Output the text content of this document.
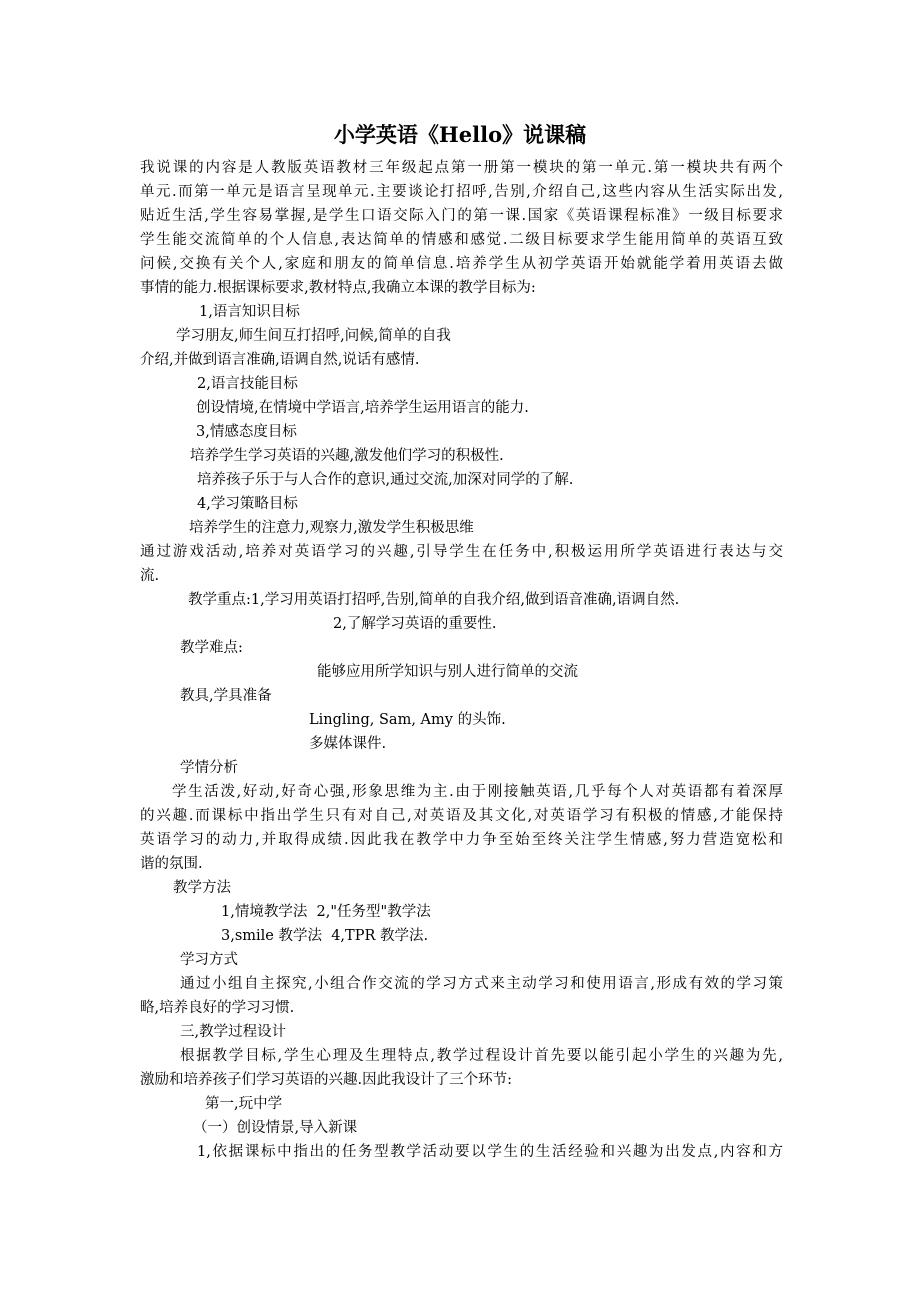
小学英语《Hello》说课稿
我说课的内容是人教版英语教材三年级起点第一册第一模块的第一单元.第一模块共有两个
单元.而第一单元是语言呈现单元.主要谈论打招呼,告别,介绍自己,这些内容从生活实际出发,
贴近生活,学生容易掌握,是学生口语交际入门的第一课.国家《英语课程标准》一级目标要求
学生能交流简单的个人信息,表达简单的情感和感觉.二级目标要求学生能用简单的英语互致
问候,交换有关个人,家庭和朋友的简单信息.培养学生从初学英语开始就能学着用英语去做
事情的能力.根据课标要求,教材特点,我确立本课的教学目标为:
1,语言知识目标
学习朋友,师生间互打招呼,问候,简单的自我
介绍,并做到语言准确,语调自然,说话有感情.
2,语言技能目标
创设情境,在情境中学语言,培养学生运用语言的能力.
3,情感态度目标
培养学生学习英语的兴趣,激发他们学习的积极性.
培养孩子乐于与人合作的意识,通过交流,加深对同学的了解.
4,学习策略目标
培养学生的注意力,观察力,激发学生积极思维
通过游戏活动,培养对英语学习的兴趣,引导学生在任务中,积极运用所学英语进行表达与交
流.
教学重点:1,学习用英语打招呼,告别,简单的自我介绍,做到语音准确,语调自然.
2,了解学习英语的重要性.
教学难点:
能够应用所学知识与别人进行简单的交流
教具,学具准备
Lingling, Sam, Amy 的头饰.
多媒体课件.
学情分析
学生活泼,好动,好奇心强,形象思维为主.由于刚接触英语,几乎每个人对英语都有着深厚
的兴趣.而课标中指出学生只有对自己,对英语及其文化,对英语学习有积极的情感,才能保持
英语学习的动力,并取得成绩.因此我在教学中力争至始至终关注学生情感,努力营造宽松和
谐的氛围.
教学方法
1,情境教学法  2,"任务型"教学法
3,smile 教学法  4,TPR 教学法.
学习方式
通过小组自主探究,小组合作交流的学习方式来主动学习和使用语言,形成有效的学习策
略,培养良好的学习习惯.
三,教学过程设计
根据教学目标,学生心理及生理特点,教学过程设计首先要以能引起小学生的兴趣为先,
激励和培养孩子们学习英语的兴趣.因此我设计了三个环节:
第一,玩中学
（一）创设情景,导入新课
1,依据课标中指出的任务型教学活动要以学生的生活经验和兴趣为出发点,内容和方
